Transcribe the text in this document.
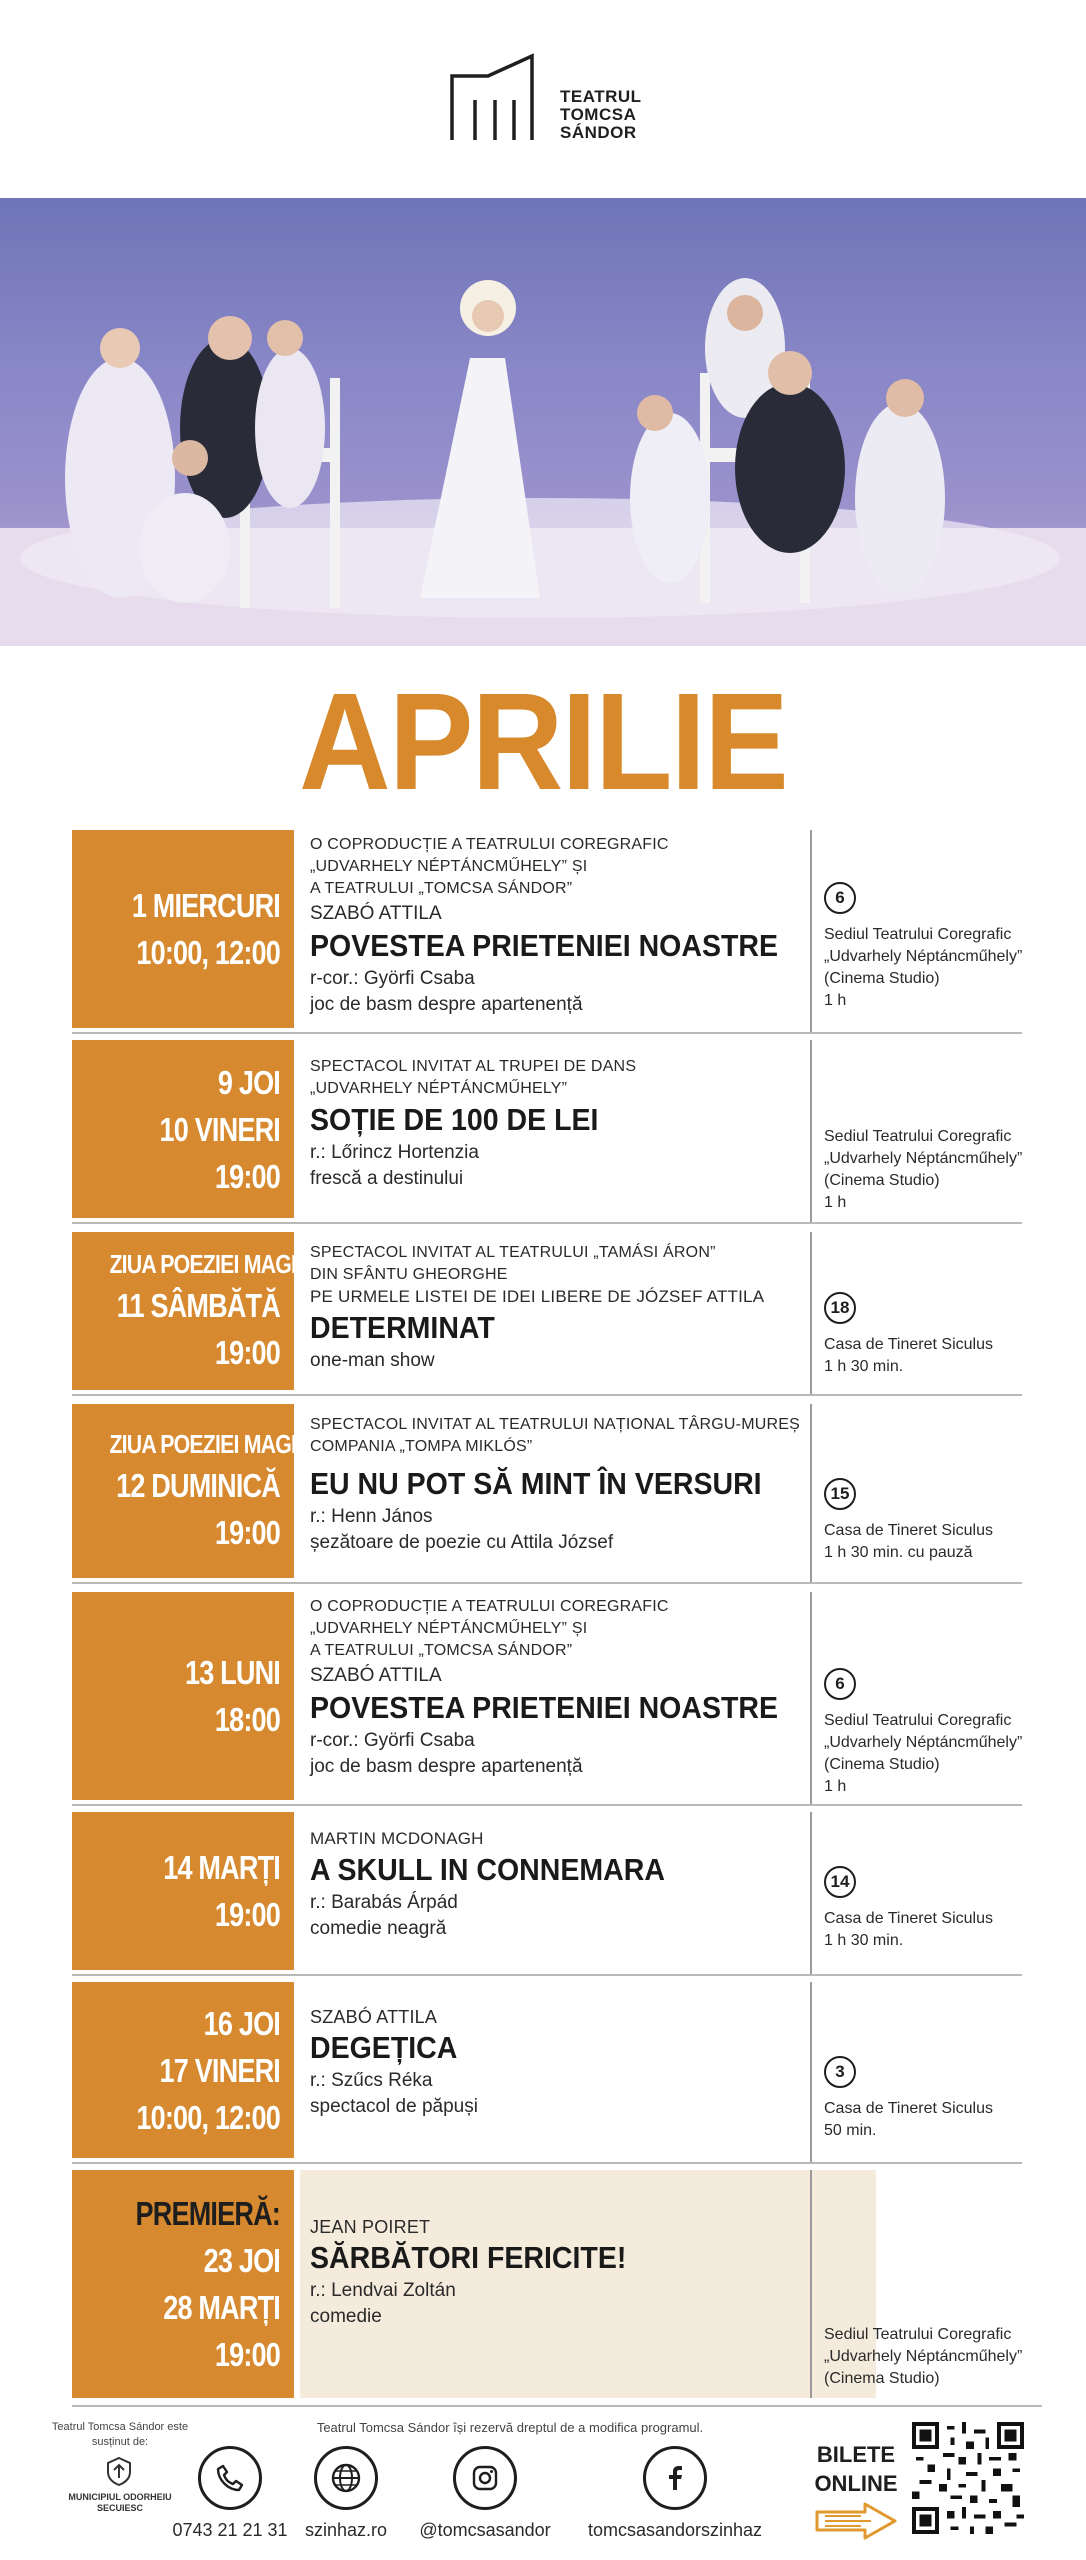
TEATRUL
TOMCSA
SÁNDOR
APRILIE
1 MIERCURI
10:00, 12:00
O COPRODUCȚIE A TEATRULUI COREGRAFIC
„UDVARHELY NÉPTÁNCMŰHELY” ȘI
A TEATRULUI „TOMCSA SÁNDOR”
SZABÓ ATTILA
POVESTEA PRIETENIEI NOASTRE
r-cor.: Györfi Csaba
joc de basm despre apartenență
6
Sediul Teatrului Coregrafic
„Udvarhely Néptáncműhely”
(Cinema Studio)
1 h
9 JOI
10 VINERI
19:00
SPECTACOL INVITAT AL TRUPEI DE DANS
„UDVARHELY NÉPTÁNCMŰHELY”
SOȚIE DE 100 DE LEI
r.: Lőrincz Hortenzia
frescă a destinului
Sediul Teatrului Coregrafic
„Udvarhely Néptáncműhely”
(Cinema Studio)
1 h
ZIUA POEZIEI MAGHIARE
11 SÂMBĂTĂ
19:00
SPECTACOL INVITAT AL TEATRULUI „TAMÁSI ÁRON”
DIN SFÂNTU GHEORGHE
PE URMELE LISTEI DE IDEI LIBERE DE JÓZSEF ATTILA
DETERMINAT
one-man show
18
Casa de Tineret Siculus
1 h 30 min.
ZIUA POEZIEI MAGHIARE
12 DUMINICĂ
19:00
SPECTACOL INVITAT AL TEATRULUI NAȚIONAL TÂRGU-MUREȘ
COMPANIA „TOMPA MIKLÓS”
EU NU POT SĂ MINT ÎN VERSURI
r.: Henn János
șezătoare de poezie cu Attila József
15
Casa de Tineret Siculus
1 h 30 min. cu pauză
13 LUNI
18:00
O COPRODUCȚIE A TEATRULUI COREGRAFIC
„UDVARHELY NÉPTÁNCMŰHELY” ȘI
A TEATRULUI „TOMCSA SÁNDOR”
SZABÓ ATTILA
POVESTEA PRIETENIEI NOASTRE
r-cor.: Györfi Csaba
joc de basm despre apartenență
6
Sediul Teatrului Coregrafic
„Udvarhely Néptáncműhely”
(Cinema Studio)
1 h
14 MARȚI
19:00
MARTIN MCDONAGH
A SKULL IN CONNEMARA
r.: Barabás Árpád
comedie neagră
14
Casa de Tineret Siculus
1 h 30 min.
16 JOI
17 VINERI
10:00, 12:00
SZABÓ ATTILA
DEGEȚICA
r.: Szűcs Réka
spectacol de păpuși
3
Casa de Tineret Siculus
50 min.
PREMIERĂ:
23 JOI
28 MARȚI
19:00
JEAN POIRET
SĂRBĂTORI FERICITE!
r.: Lendvai Zoltán
comedie
Sediul Teatrului Coregrafic
„Udvarhely Néptáncműhely”
(Cinema Studio)
Teatrul Tomcsa Sándor este susținut de:
MUNICIPIUL ODORHEIU SECUIESC
Teatrul Tomcsa Sándor își rezervă dreptul de a modifica programul.
0743 21 21 31 szinhaz.ro	@tomcsasandor	tomcsasandorszinhaz
BILETE
ONLINE
